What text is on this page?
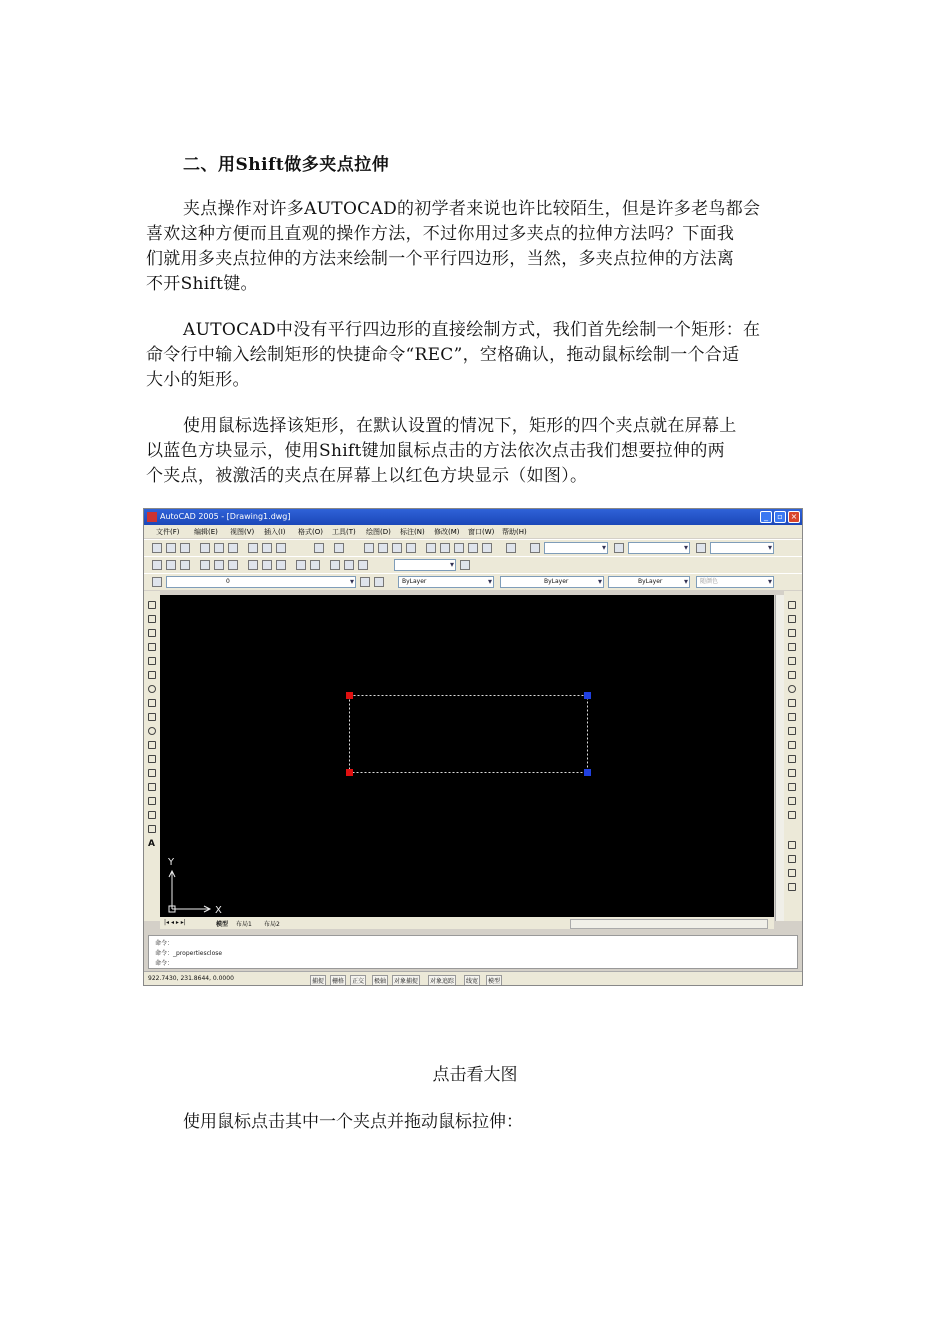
二、用Shift做多夹点拉伸
夹点操作对许多AUTOCAD的初学者来说也许比较陌生，但是许多老鸟都会
喜欢这种方便而且直观的操作方法，不过你用过多夹点的拉伸方法吗？下面我
们就用多夹点拉伸的方法来绘制一个平行四边形，当然，多夹点拉伸的方法离
不开Shift键。
AUTOCAD中没有平行四边形的直接绘制方式，我们首先绘制一个矩形：在
命令行中输入绘制矩形的快捷命令“REC”，空格确认，拖动鼠标绘制一个合适
大小的矩形。
使用鼠标选择该矩形，在默认设置的情况下，矩形的四个夹点就在屏幕上
以蓝色方块显示，使用Shift键加鼠标点击的方法依次点击我们想要拉伸的两
个夹点，被激活的夹点在屏幕上以红色方块显示（如图）。
AutoCAD 2005 - [Drawing1.dwg]	_	▫ ×
文件(F) 编辑(E) 视图(V) 插入(I) 格式(O) 工具(T) 绘图(D) 标注(N) 修改(M) 窗口(W) 帮助(H)
▾
▾
▾
▾
0 ▾	ByLayer ▾	ByLayer ▾	ByLayer ▾	随颜色 ▾
A
Y
X
|◂ ◂ ▸ ▸|	模型 布局1 布局2
命令：
命令：_propertiesclose
命令：
922.7430, 231.8644, 0.0000	捕捉	栅格	正交	极轴	对象捕捉	对象追踪	线宽	模型
点击看大图
使用鼠标点击其中一个夹点并拖动鼠标拉伸：
